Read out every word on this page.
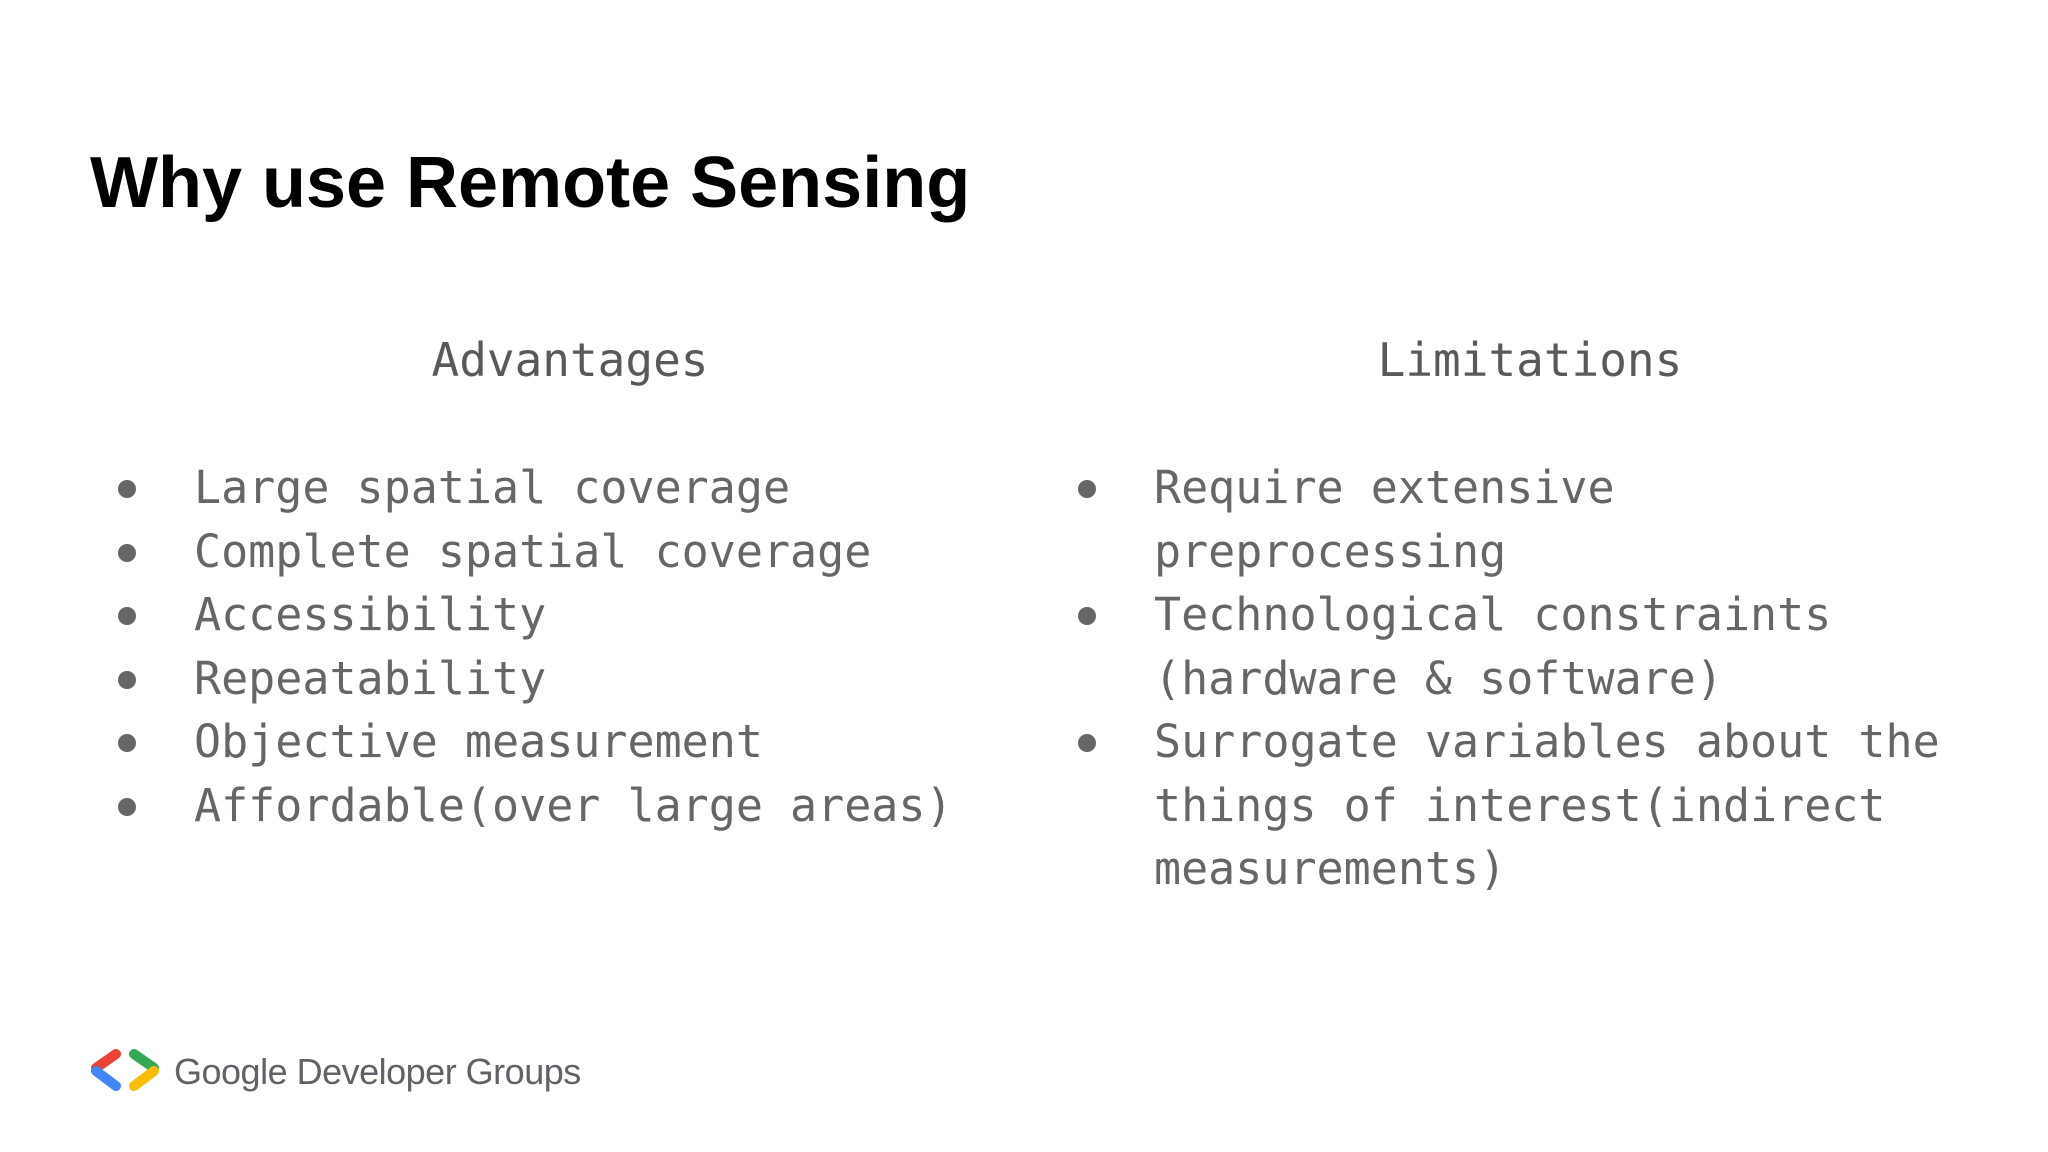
Why use Remote Sensing
Advantages	Limitations
Large spatial coverage
Complete spatial coverage
Accessibility
Repeatability
Objective measurement
Affordable(over large areas)
Require extensive preprocessing
Technological constraints (hardware & software)
Surrogate variables about the things of interest(indirect measurements)
Google Developer Groups
